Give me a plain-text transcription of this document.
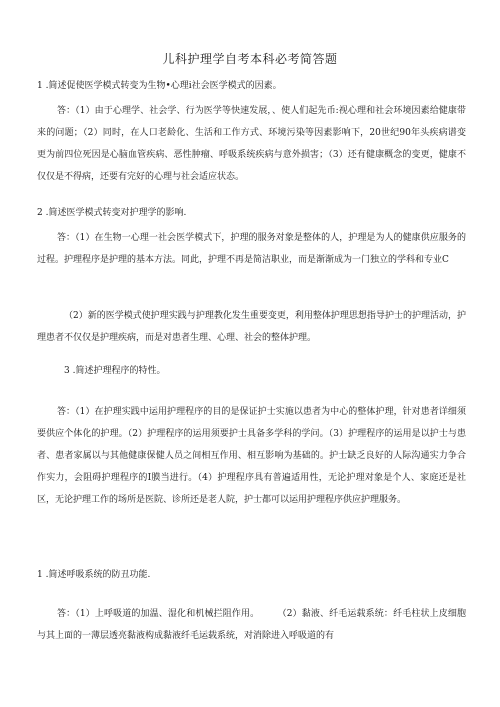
儿科护理学自考本科必考简答题

1 .简述促使医学模式转变为生物•心理i社会医学模式的因素。

答：（1）由于心理学、社会学、行为医学等快速发展，、使人们起先币:视心理和社会环境因素给健康带来的问题；（2）同时，在人口老龄化、生活和工作方式、环境污染等因素影响下，20世纪90年头疾病谱变更为前四位死因是心脑血管疾病、恶性肿瘤、呼吸系统疾病与意外损害；（3）还有健康概念的变更，健康不仅仅是不得病，还要有完好的心理与社会适应状态。

2 .简述医学模式转变对护理学的影响.

答：（1）在生物一心理一社会医学模式下，护理的服务对象是整体的人，护理是为人的健康供应服务的过程。护理程序是护理的基本方法。同此，护理不再是简洁职业，而是渐渐成为一门独立的学科和专业C

（2）新的医学模式使护理实践与护理教化发生重要变更，利用整体护理思想指导护士的护理活动，护理患者不仅仅是护理疾病，而是对患者生理、心理、社会的整体护理。

3 .简述护理程序的特性。

答：（1）在护理实践中运用护理程序的目的是保证护士实施以患者为中心的整体护理，针对患者详细须要供应个体化的护理。（2）护理程序的运用须要护士具备多学科的学问。（3）护理程序的运用是以护士与患者、患者家属以与其他健康保健人员之间相互作用、相互影响为基础的。护士缺乏良好的人际沟通实力争合作实力，会阻碍护理程序的I膜当进行。（4）护理程序具有普遍适用性，无论护理对象是个人、家庭还是社区，无论护理工作的场所是医院、诊所还是老人院，护士都可以运用护理程序供应护理服务。

1 .简述呼吸系统的防丑功能.

答：（1）上呼吸道的加温、湿化和机械拦阻作用。　　　（2）黏液、纤毛运载系统：纤毛柱状上皮细胞与其上面的一薄层透亮黏液构成黏液纤毛运载系统，对消除进入呼吸道的有
